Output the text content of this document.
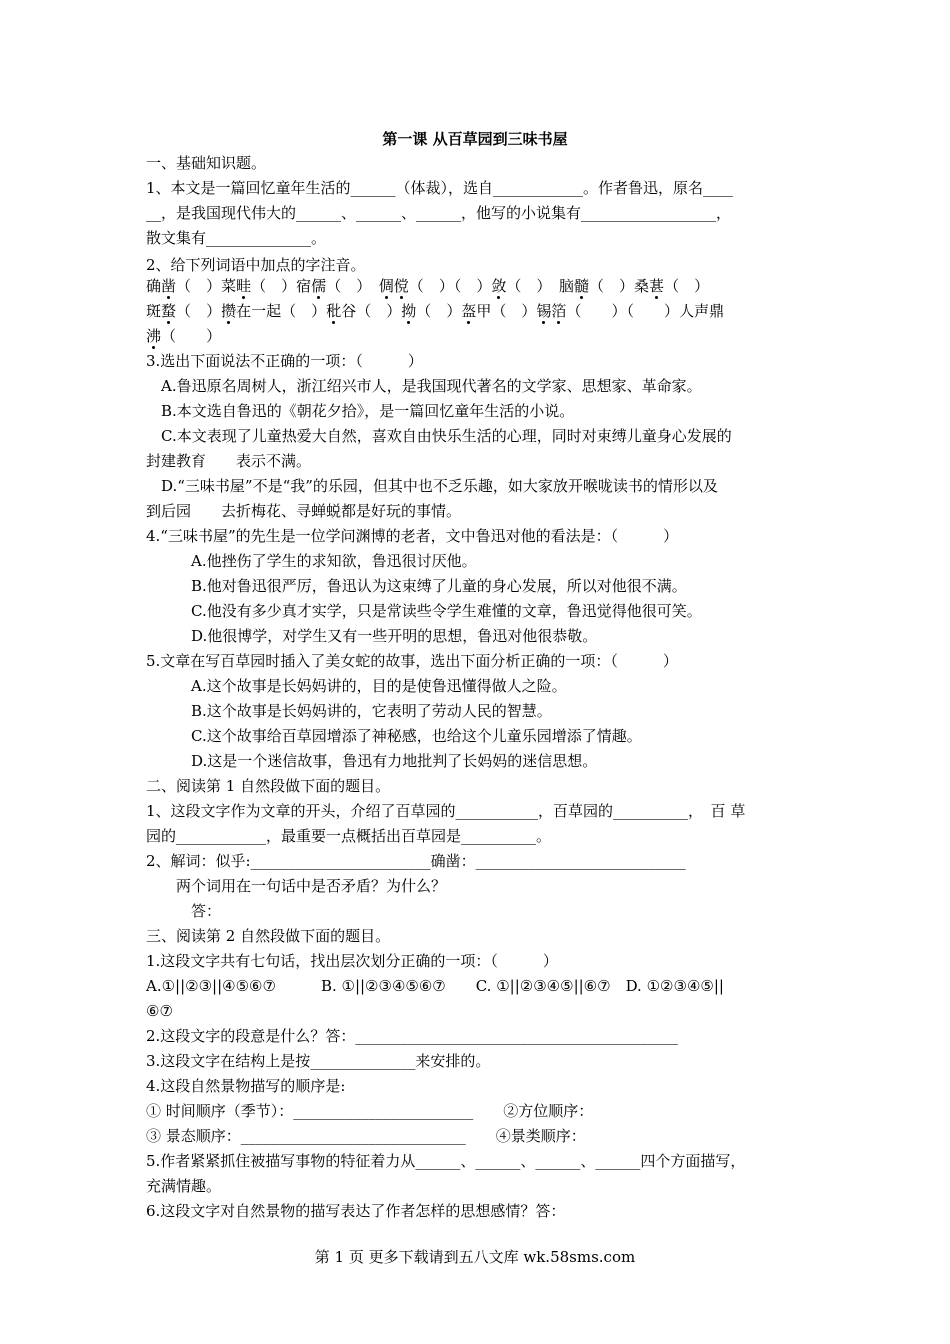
第一课 从百草园到三味书屋
一、基础知识题。
1、本文是一篇回忆童年生活的______（体裁），选自____________。作者鲁迅，原名____
__，是我国现代伟大的______、______、______，他写的小说集有__________________，
散文集有______________。
2、给下列词语中加点的字注音。
确凿（　 ）菜畦（　 ）宿儒（　 ）　 倜傥（　 ）（　 ）敛（　 ）　 脑髓（　 ）桑葚（　 ）
斑蝥（　 ）攒在一起（　 ）秕谷（　 ）拗（　 ）盔甲（　 ）锡箔（　　 ）（　　 ）人声鼎
沸（　　 ）
3.选出下面说法不正确的一项：（　　　）
　A.鲁迅原名周树人，浙江绍兴市人，是我国现代著名的文学家、思想家、革命家。
　B.本文选自鲁迅的《朝花夕拾》，是一篇回忆童年生活的小说。
　C.本文表现了儿童热爱大自然，喜欢自由快乐生活的心理，同时对束缚儿童身心发展的
封建教育　　表示不满。
　D.“三味书屋”不是“我”的乐园，但其中也不乏乐趣，如大家放开喉咙读书的情形以及
到后园　　去折梅花、寻蝉蜕都是好玩的事情。
4.“三味书屋”的先生是一位学问渊博的老者，文中鲁迅对他的看法是：（　　　）
　　　A.他挫伤了学生的求知欲，鲁迅很讨厌他。
　　　B.他对鲁迅很严厉，鲁迅认为这束缚了儿童的身心发展，所以对他很不满。
　　　C.他没有多少真才实学，只是常读些令学生难懂的文章，鲁迅觉得他很可笑。
　　　D.他很博学，对学生又有一些开明的思想，鲁迅对他很恭敬。
5.文章在写百草园时插入了美女蛇的故事，选出下面分析正确的一项：（　　　）
　　　A.这个故事是长妈妈讲的，目的是使鲁迅懂得做人之险。
　　　B.这个故事是长妈妈讲的，它表明了劳动人民的智慧。
　　　C.这个故事给百草园增添了神秘感，也给这个儿童乐园增添了情趣。
　　　D.这是一个迷信故事，鲁迅有力地批判了长妈妈的迷信思想。
二、阅读第 1 自然段做下面的题目。
1、这段文字作为文章的开头，介绍了百草园的___________，百草园的__________，　百 草
园的____________，最重要一点概括出百草园是__________。
2、解词：似乎:________________________确凿：____________________________
　　两个词用在一句话中是否矛盾？为什么？
　　　答：
三、阅读第 2 自然段做下面的题目。
1.这段文字共有七句话，找出层次划分正确的一项：（　　　）
A.①||②③||④⑤⑥⑦　　　B. ①||②③④⑤⑥⑦　　C. ①||②③④⑤||⑥⑦　D. ①②③④⑤||
⑥⑦
2.这段文字的段意是什么？答：___________________________________________
3.这段文字在结构上是按______________来安排的。
4.这段自然景物描写的顺序是:
① 时间顺序（季节）：________________________　　②方位顺序：
③ 景态顺序：______________________________　　④景类顺序：
5.作者紧紧抓住被描写事物的特征着力从______、______、______、______四个方面描写，
充满情趣。
6.这段文字对自然景物的描写表达了作者怎样的思想感情？答：
第 1 页 更多下载请到五八文库 wk.58sms.com
